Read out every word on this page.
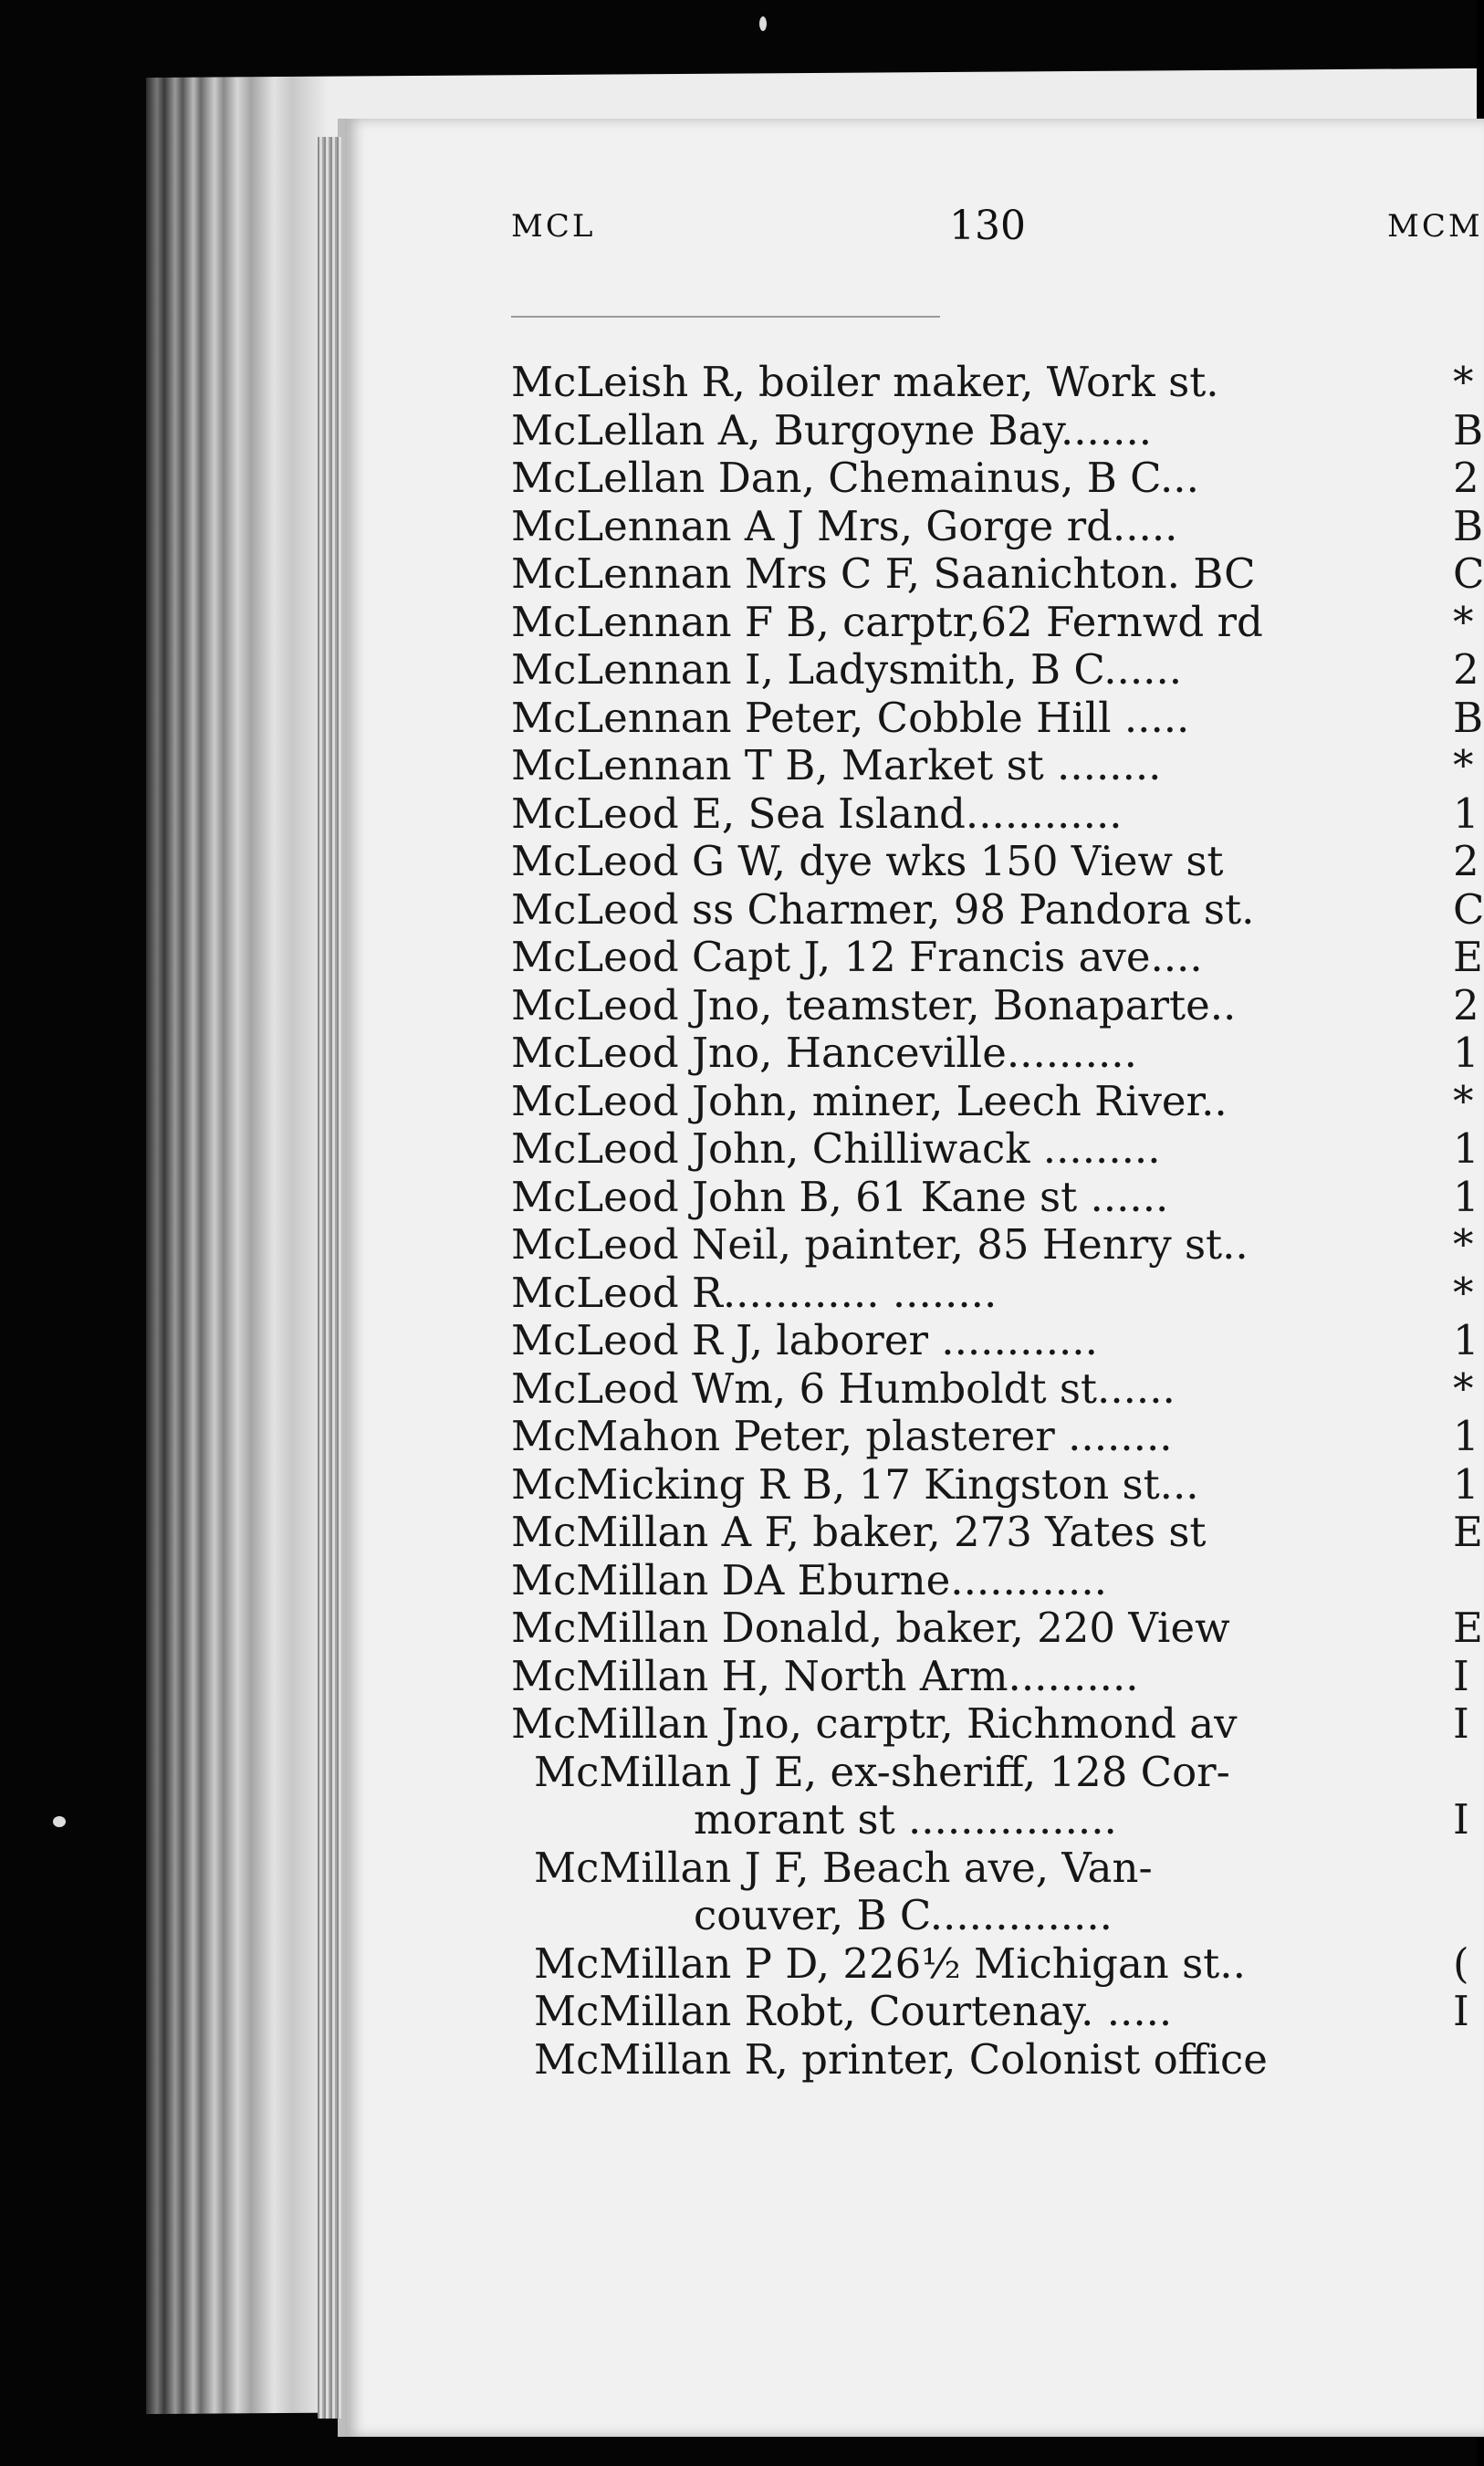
MCL	130	MCM
McLeish R, boiler maker, Work st.
McLellan A, Burgoyne Bay.......
McLellan Dan, Chemainus, B C...
McLennan A J Mrs, Gorge rd.....
McLennan Mrs C F, Saanichton. BC
McLennan F B, carptr,62 Fernwd rd
McLennan I, Ladysmith, B C......
McLennan Peter, Cobble Hill .....
McLennan T B, Market st ........
McLeod E, Sea Island............
McLeod G W, dye wks 150 View st
McLeod ss Charmer, 98 Pandora st.
McLeod Capt J, 12 Francis ave....
McLeod Jno, teamster, Bonaparte..
McLeod Jno, Hanceville..........
McLeod John, miner, Leech River..
McLeod John, Chilliwack .........
McLeod John B, 61 Kane st ......
McLeod Neil, painter, 85 Henry st..
McLeod R............ ........
McLeod R J, laborer ............
McLeod Wm, 6 Humboldt st......
McMahon Peter, plasterer ........
McMicking R B, 17 Kingston st...
McMillan A F, baker, 273 Yates st
McMillan DA Eburne............
McMillan Donald, baker, 220 View
McMillan H, North Arm..........
McMillan Jno, carptr, Richmond av
McMillan J E, ex-sheriff, 128 Cor-
morant st ................
McMillan J F, Beach ave, Van-
couver, B C..............
McMillan P D, 226½ Michigan st..
McMillan Robt, Courtenay. .....
McMillan R, printer, Colonist office
*
B
2
B
C
*
2
B
*
1
2
C
E
2
1
*
1
1
*
*
1
*
1
1
E
E
I
I
I
(
I
